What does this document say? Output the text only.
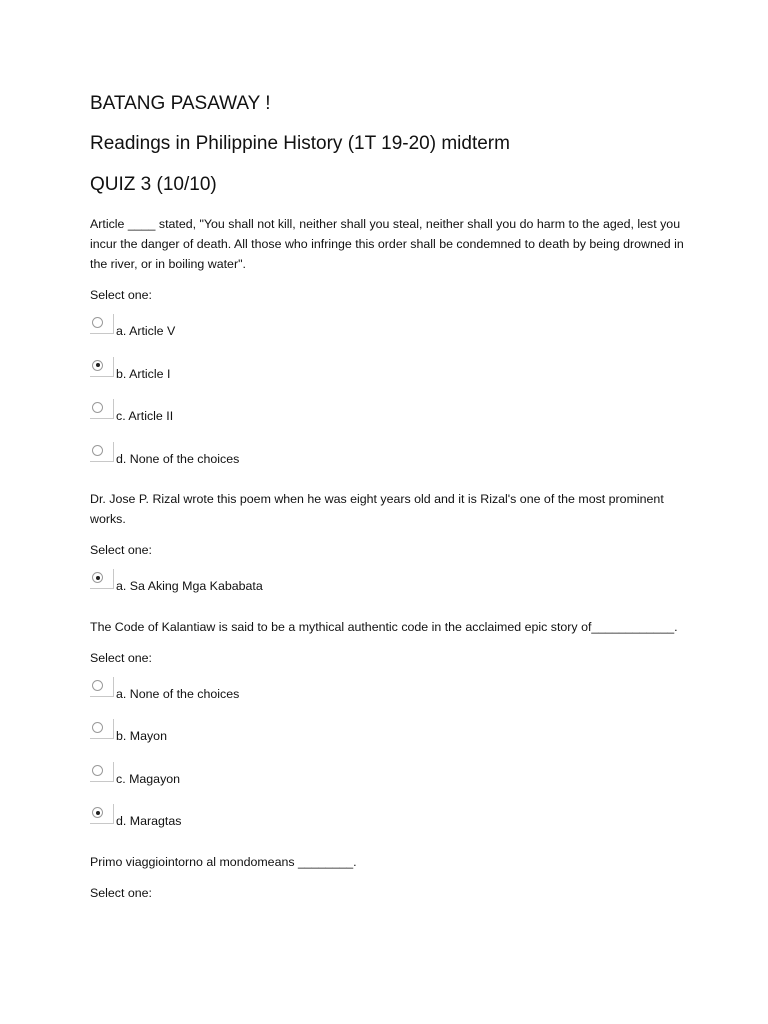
BATANG PASAWAY !
Readings in Philippine History (1T 19-20) midterm
QUIZ 3 (10/10)
Article ____ stated, "You shall not kill, neither shall you steal, neither shall you do harm to the aged, lest you incur the danger of death. All those who infringe this order shall be condemned to death by being drowned in the river, or in boiling water".
Select one:
a. Article V
b. Article I
c. Article II
d. None of the choices
Dr. Jose P. Rizal wrote this poem when he was eight years old and it is Rizal's one of the most prominent works.
Select one:
a. Sa Aking Mga Kababata
The Code of Kalantiaw is said to be a mythical authentic code in the acclaimed epic story of____________.
Select one:
a. None of the choices
b. Mayon
c. Magayon
d. Maragtas
Primo viaggiointorno al mondomeans ________.
Select one:
